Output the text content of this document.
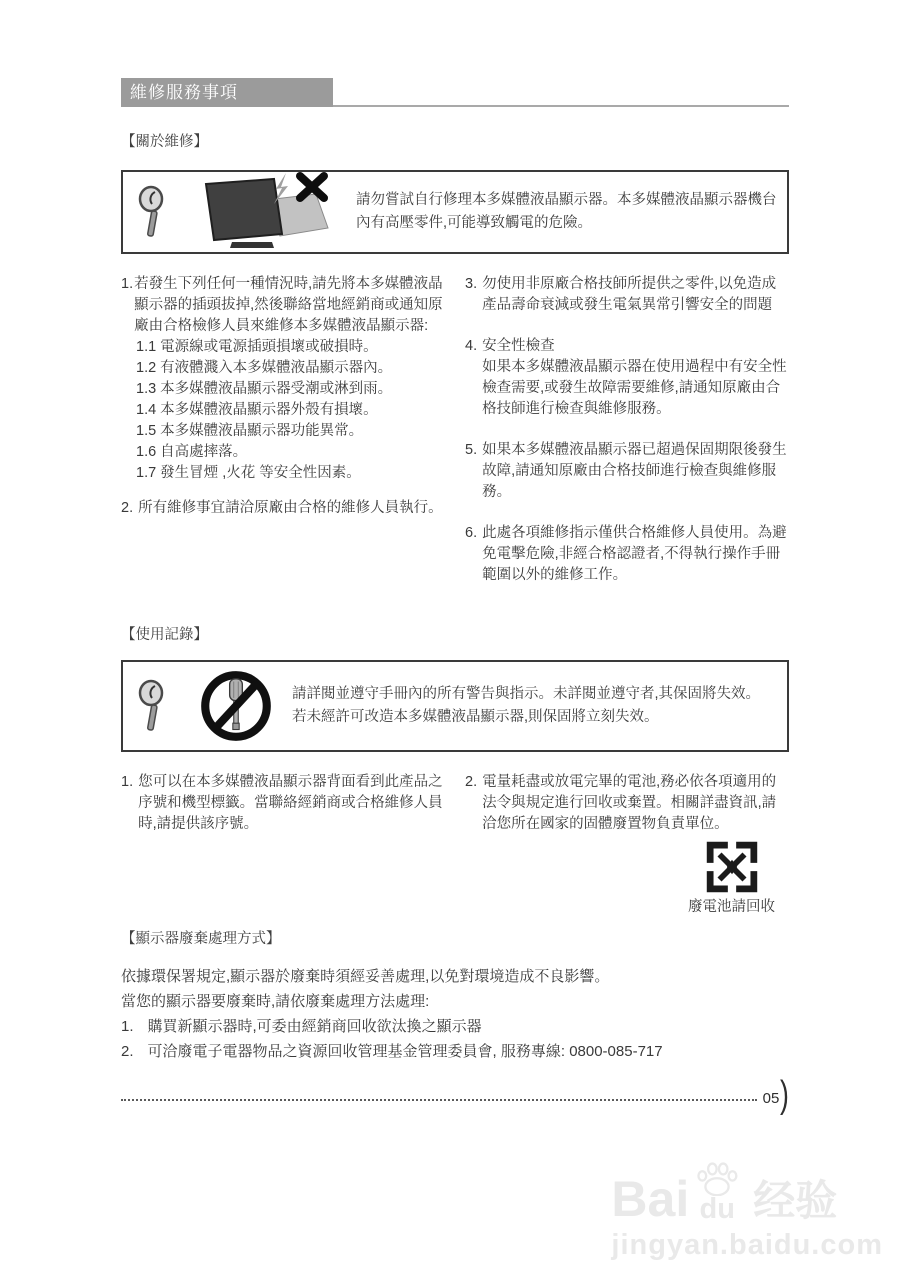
維修服務事項
【關於維修】
請勿嘗試自行修理本多媒體液晶顯示器。本多媒體液晶顯示器機台內有高壓零件,可能導致觸電的危險。
1. 若發生下列任何一種情況時,請先將本多媒體液晶顯示器的插頭拔掉,然後聯絡當地經銷商或通知原廠由合格檢修人員來維修本多媒體液晶顯示器:
1.1 電源線或電源插頭損壞或破損時。
1.2 有液體濺入本多媒體液晶顯示器內。
1.3 本多媒體液晶顯示器受潮或淋到雨。
1.4 本多媒體液晶顯示器外殼有損壞。
1.5 本多媒體液晶顯示器功能異常。
1.6 自高處摔落。
1.7 發生冒煙 ,火花 等安全性因素。
2. 所有維修事宜請洽原廠由合格的維修人員執行。
3. 勿使用非原廠合格技師所提供之零件,以免造成產品壽命衰減或發生電氣異常引響安全的問題
4. 安全性檢查
如果本多媒體液晶顯示器在使用過程中有安全性檢查需要,或發生故障需要維修,請通知原廠由合格技師進行檢查與維修服務。
5. 如果本多媒體液晶顯示器已超過保固期限後發生故障,請通知原廠由合格技師進行檢查與維修服務。
6. 此處各項維修指示僅供合格維修人員使用。為避免電擊危險,非經合格認證者,不得執行操作手冊範圍以外的維修工作。
【使用記錄】
請詳閱並遵守手冊內的所有警告與指示。未詳閱並遵守者,其保固將失效。
若未經許可改造本多媒體液晶顯示器,則保固將立刻失效。
1. 您可以在本多媒體液晶顯示器背面看到此產品之序號和機型標籤。當聯絡經銷商或合格維修人員時,請提供該序號。
2. 電量耗盡或放電完畢的電池,務必依各項適用的法令與規定進行回收或棄置。相關詳盡資訊,請洽您所在國家的固體廢置物負責單位。
廢電池請回收
【顯示器廢棄處理方式】
依據環保署規定,顯示器於廢棄時須經妥善處理,以免對環境造成不良影響。
當您的顯示器要廢棄時,請依廢棄處理方法處理:
1. 購買新顯示器時,可委由經銷商回收欲汰換之顯示器
2. 可洽廢電子電器物品之資源回收管理基金管理委員會, 服務專線: 0800-085-717
05 )
Bai du 经验
jingyan.baidu.com
